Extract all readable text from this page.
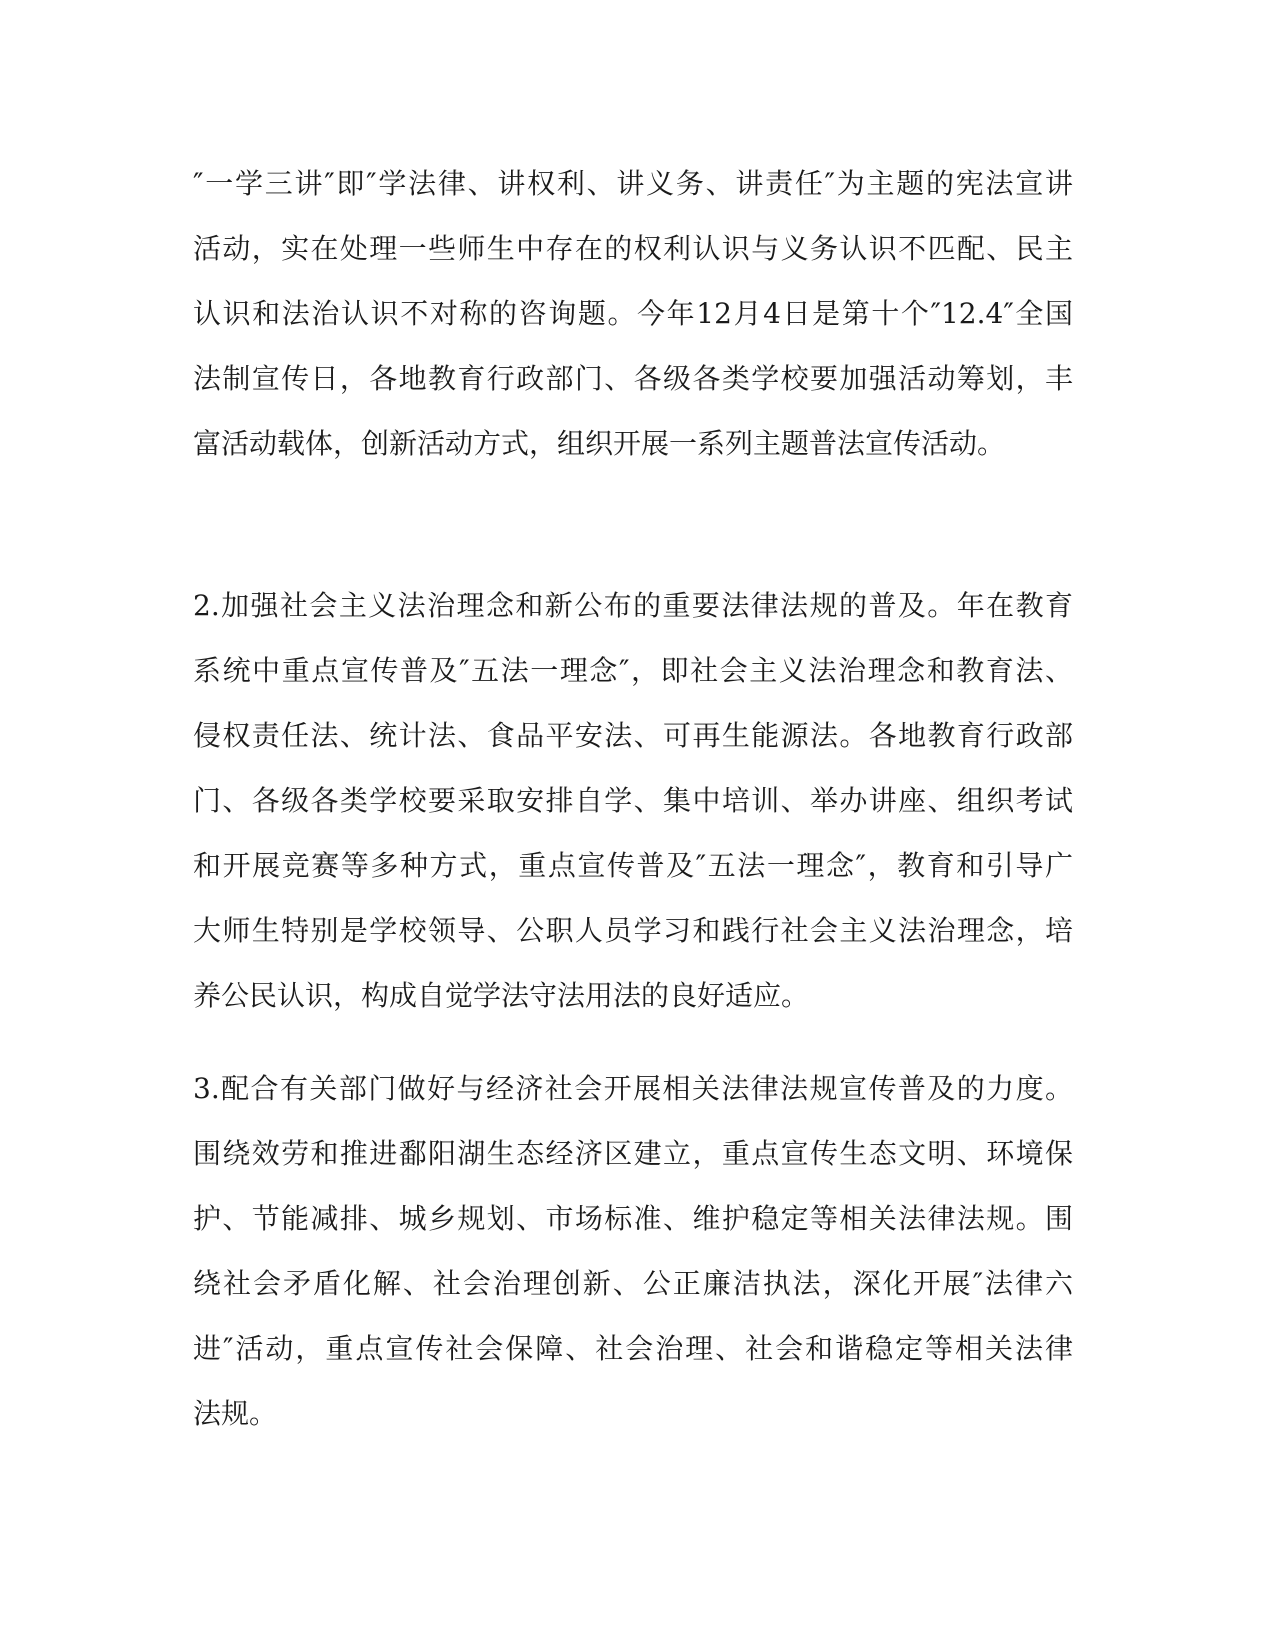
″一学三讲″即″学法律、讲权利、讲义务、讲责任″为主题的宪法宣讲
活动，实在处理一些师生中存在的权利认识与义务认识不匹配、民主
认识和法治认识不对称的咨询题。今年12月4日是第十个″12.4″全国
法制宣传日，各地教育行政部门、各级各类学校要加强活动筹划，丰
富活动载体，创新活动方式，组织开展一系列主题普法宣传活动。
2.加强社会主义法治理念和新公布的重要法律法规的普及。年在教育
系统中重点宣传普及″五法一理念″，即社会主义法治理念和教育法、
侵权责任法、统计法、食品平安法、可再生能源法。各地教育行政部
门、各级各类学校要采取安排自学、集中培训、举办讲座、组织考试
和开展竞赛等多种方式，重点宣传普及″五法一理念″，教育和引导广
大师生特别是学校领导、公职人员学习和践行社会主义法治理念，培
养公民认识，构成自觉学法守法用法的良好适应。
3.配合有关部门做好与经济社会开展相关法律法规宣传普及的力度。
围绕效劳和推进鄱阳湖生态经济区建立，重点宣传生态文明、环境保
护、节能减排、城乡规划、市场标准、维护稳定等相关法律法规。围
绕社会矛盾化解、社会治理创新、公正廉洁执法，深化开展″法律六
进″活动，重点宣传社会保障、社会治理、社会和谐稳定等相关法律
法规。
